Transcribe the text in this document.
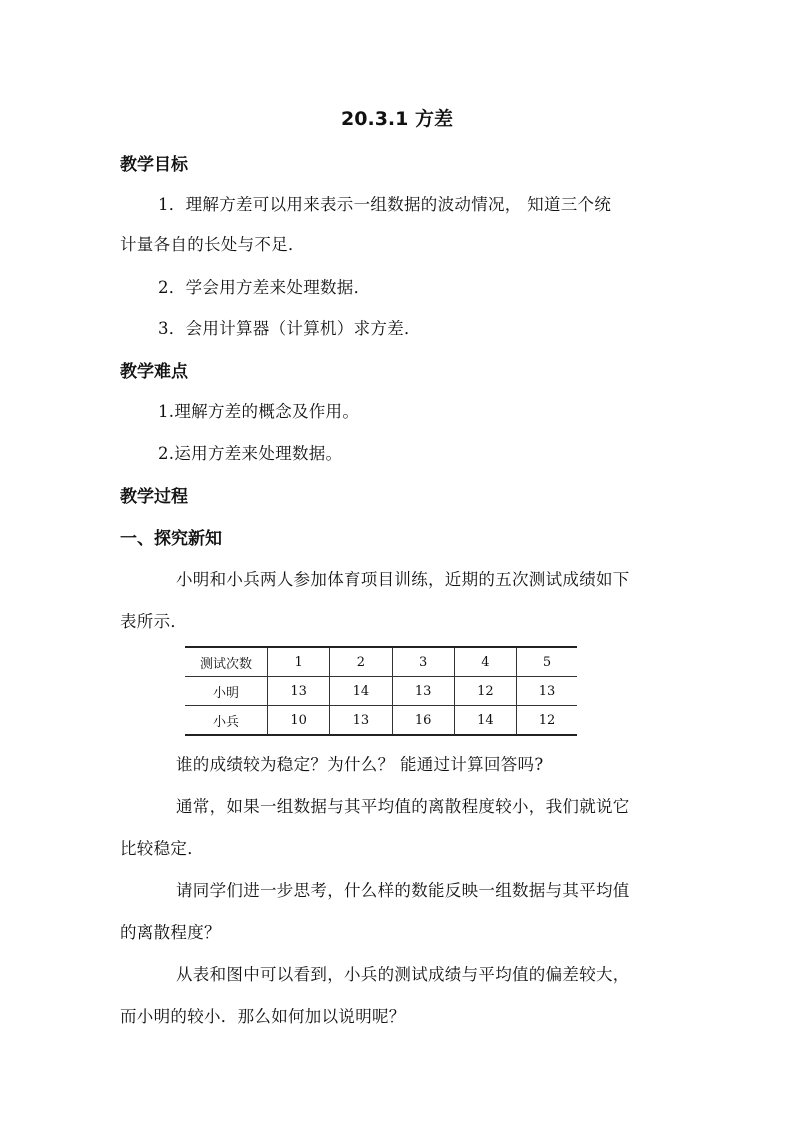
20.3.1 方差
教学目标
1．理解方差可以用来表示一组数据的波动情况， 知道三个统
计量各自的长处与不足．
2．学会用方差来处理数据．
3．会用计算器（计算机）求方差．
教学难点
1.理解方差的概念及作用。
2.运用方差来处理数据。
教学过程
一、探究新知
小明和小兵两人参加体育项目训练，近期的五次测试成绩如下
表所示．
测试次数	1	2	3	4	5
小明	13	14	13	12	13
小兵	10	13	16	14	12
谁的成绩较为稳定？为什么？ 能通过计算回答吗?
通常，如果一组数据与其平均值的离散程度较小，我们就说它
比较稳定．
请同学们进一步思考，什么样的数能反映一组数据与其平均值
的离散程度？
从表和图中可以看到，小兵的测试成绩与平均值的偏差较大，
而小明的较小．那么如何加以说明呢？
